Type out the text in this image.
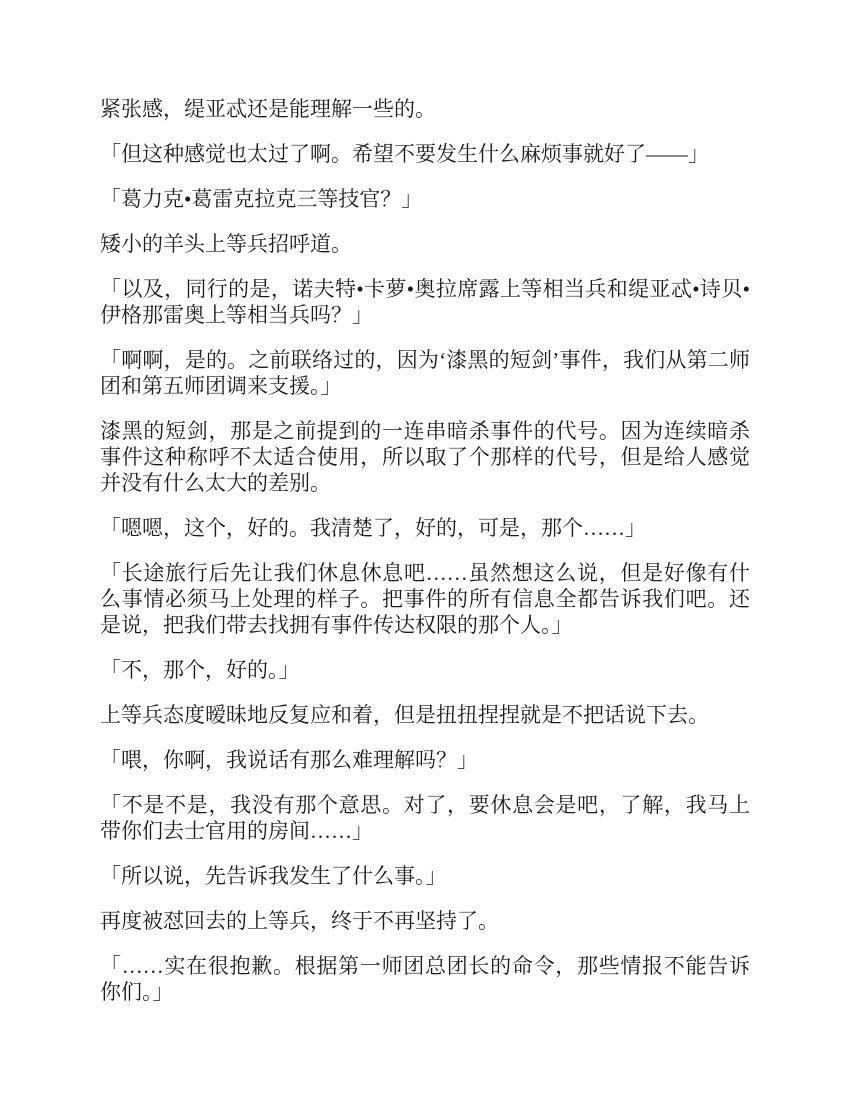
紧张感，缇亚忒还是能理解一些的。

「但这种感觉也太过了啊。希望不要发生什么麻烦事就好了——」

「葛力克•葛雷克拉克三等技官？」

矮小的羊头上等兵招呼道。

「以及，同行的是，诺夫特•卡萝•奥拉席露上等相当兵和缇亚忒•诗贝•伊格那雷奥上等相当兵吗？」

「啊啊，是的。之前联络过的，因为‘漆黑的短剑’事件，我们从第二师团和第五师团调来支援。」

漆黑的短剑，那是之前提到的一连串暗杀事件的代号。因为连续暗杀事件这种称呼不太适合使用，所以取了个那样的代号，但是给人感觉并没有什么太大的差别。

「嗯嗯，这个，好的。我清楚了，好的，可是，那个……」

「长途旅行后先让我们休息休息吧……虽然想这么说，但是好像有什么事情必须马上处理的样子。把事件的所有信息全都告诉我们吧。还是说，把我们带去找拥有事件传达权限的那个人。」

「不，那个，好的。」

上等兵态度暧昧地反复应和着，但是扭扭捏捏就是不把话说下去。

「喂，你啊，我说话有那么难理解吗？」

「不是不是，我没有那个意思。对了，要休息会是吧，了解，我马上带你们去士官用的房间……」

「所以说，先告诉我发生了什么事。」

再度被怼回去的上等兵，终于不再坚持了。

「……实在很抱歉。根据第一师团总团长的命令，那些情报不能告诉你们。」
